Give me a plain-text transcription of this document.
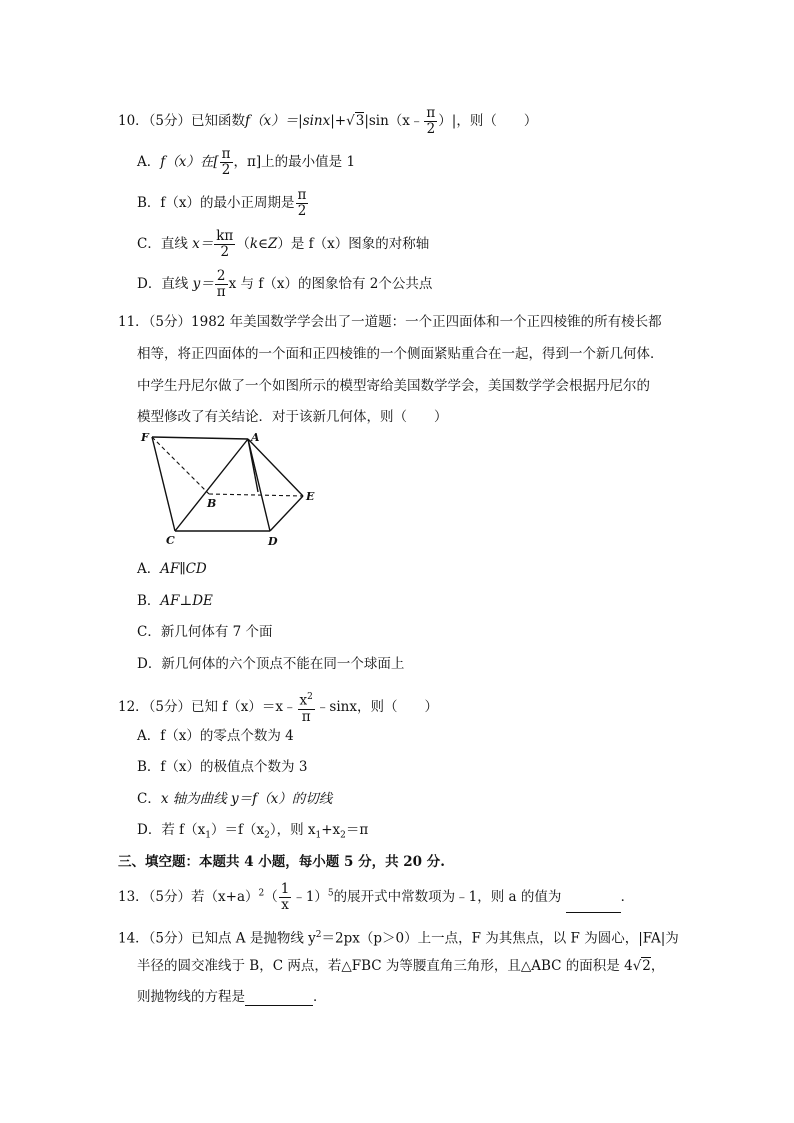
10．（5分）已知函数f（x）＝|sinx|+√3|sin（x﹣ $\frac{\pi}{2}$ ）|，则（　　）
A．f（x）在[ $\frac{\pi}{2}$ ，π]上的最小值是 1
B．f（x）的最小正周期是 $\frac{\pi}{2}$
C．直线 $x= \frac{k\pi}{2}$ （k∈Z）是 f（x）图象的对称轴
D．直线 $y= \frac{2}{\pi}$ x 与 f（x）的图象恰有 2个公共点
11．（5分）1982 年美国数学学会出了一道题：一个正四面体和一个正四棱锥的所有棱长都
相等，将正四面体的一个面和正四棱锥的一个侧面紧贴重合在一起，得到一个新几何体．
中学生丹尼尔做了一个如图所示的模型寄给美国数学学会，美国数学学会根据丹尼尔的
模型修改了有关结论．对于该新几何体，则（　　）
F	A
B
E
C	D
A．AF∥CD
B．AF⊥DE
C．新几何体有 7 个面
D．新几何体的六个顶点不能在同一个球面上
12．（5分）已知 f（x）＝x﹣ $\frac{x^2}{\pi}$ ﹣sinx，则（　　）
A．f（x）的零点个数为 4
B．f（x）的极值点个数为 3
C．x 轴为曲线 y＝f（x）的切线
D．若 $f(x_1)=f(x_2)$，则 $x_1+x_2=\pi$
三、填空题：本题共 4 小题，每小题 5 分，共 20 分.
13．（5分）若$(x+a)^2( \frac{1}{x}$ ﹣1）$^5$的展开式中常数项为﹣1，则 a 的值为	．
14．（5分）已知点 A 是抛物线 $y^2=2px(p>0)$上一点，F 为其焦点，以 F 为圆心，|FA|为
半径的圆交准线于 B，C 两点，若△FBC 为等腰直角三角形，且△ABC 的面积是 4√2，
则抛物线的方程是	．
